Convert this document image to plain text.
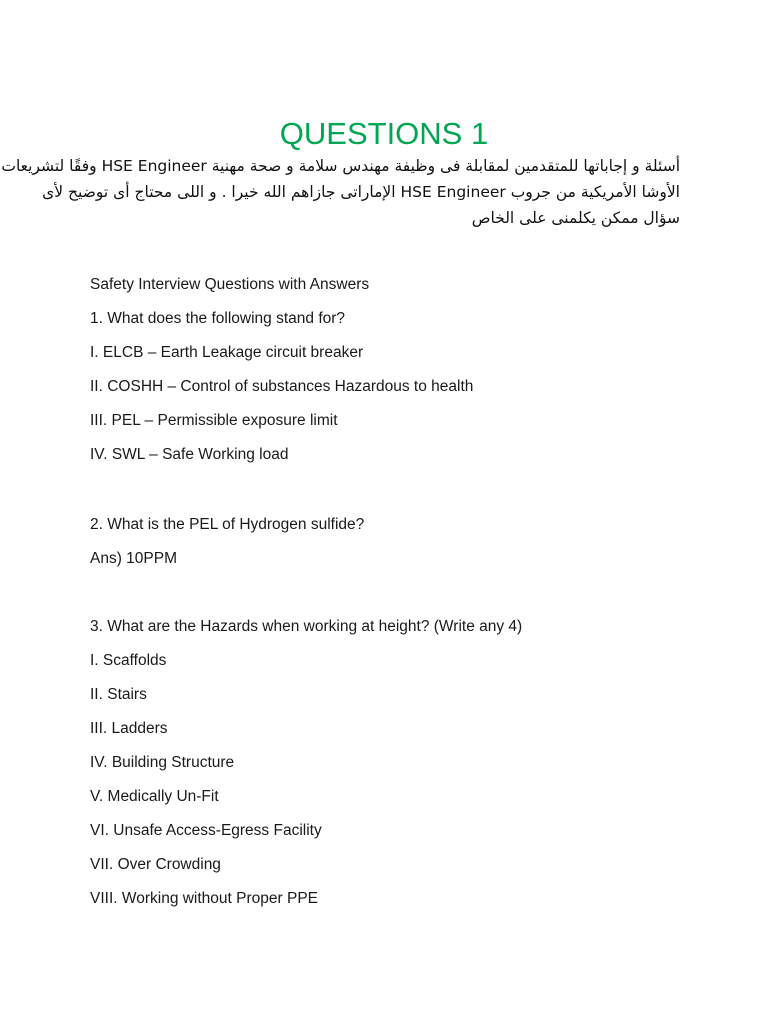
QUESTIONS 1
أسئلة و إجاباتها للمتقدمين لمقابلة فى وظيفة مهندس سلامة و صحة مهنية HSE Engineer وفقًا لتشريعات
الأوشا الأمريكية من جروب HSE Engineer الإماراتى جازاهم الله خيرا . و اللى محتاج أى توضيح لأى
سؤال ممكن يكلمنى على الخاص
Safety Interview Questions with Answers
1. What does the following stand for?
I. ELCB – Earth Leakage circuit breaker
II. COSHH – Control of substances Hazardous to health
III. PEL – Permissible exposure limit
IV. SWL – Safe Working load
2. What is the PEL of Hydrogen sulfide?
Ans) 10PPM
3. What are the Hazards when working at height? (Write any 4)
I. Scaffolds
II. Stairs
III. Ladders
IV. Building Structure
V. Medically Un-Fit
VI. Unsafe Access-Egress Facility
VII. Over Crowding
VIII. Working without Proper PPE
